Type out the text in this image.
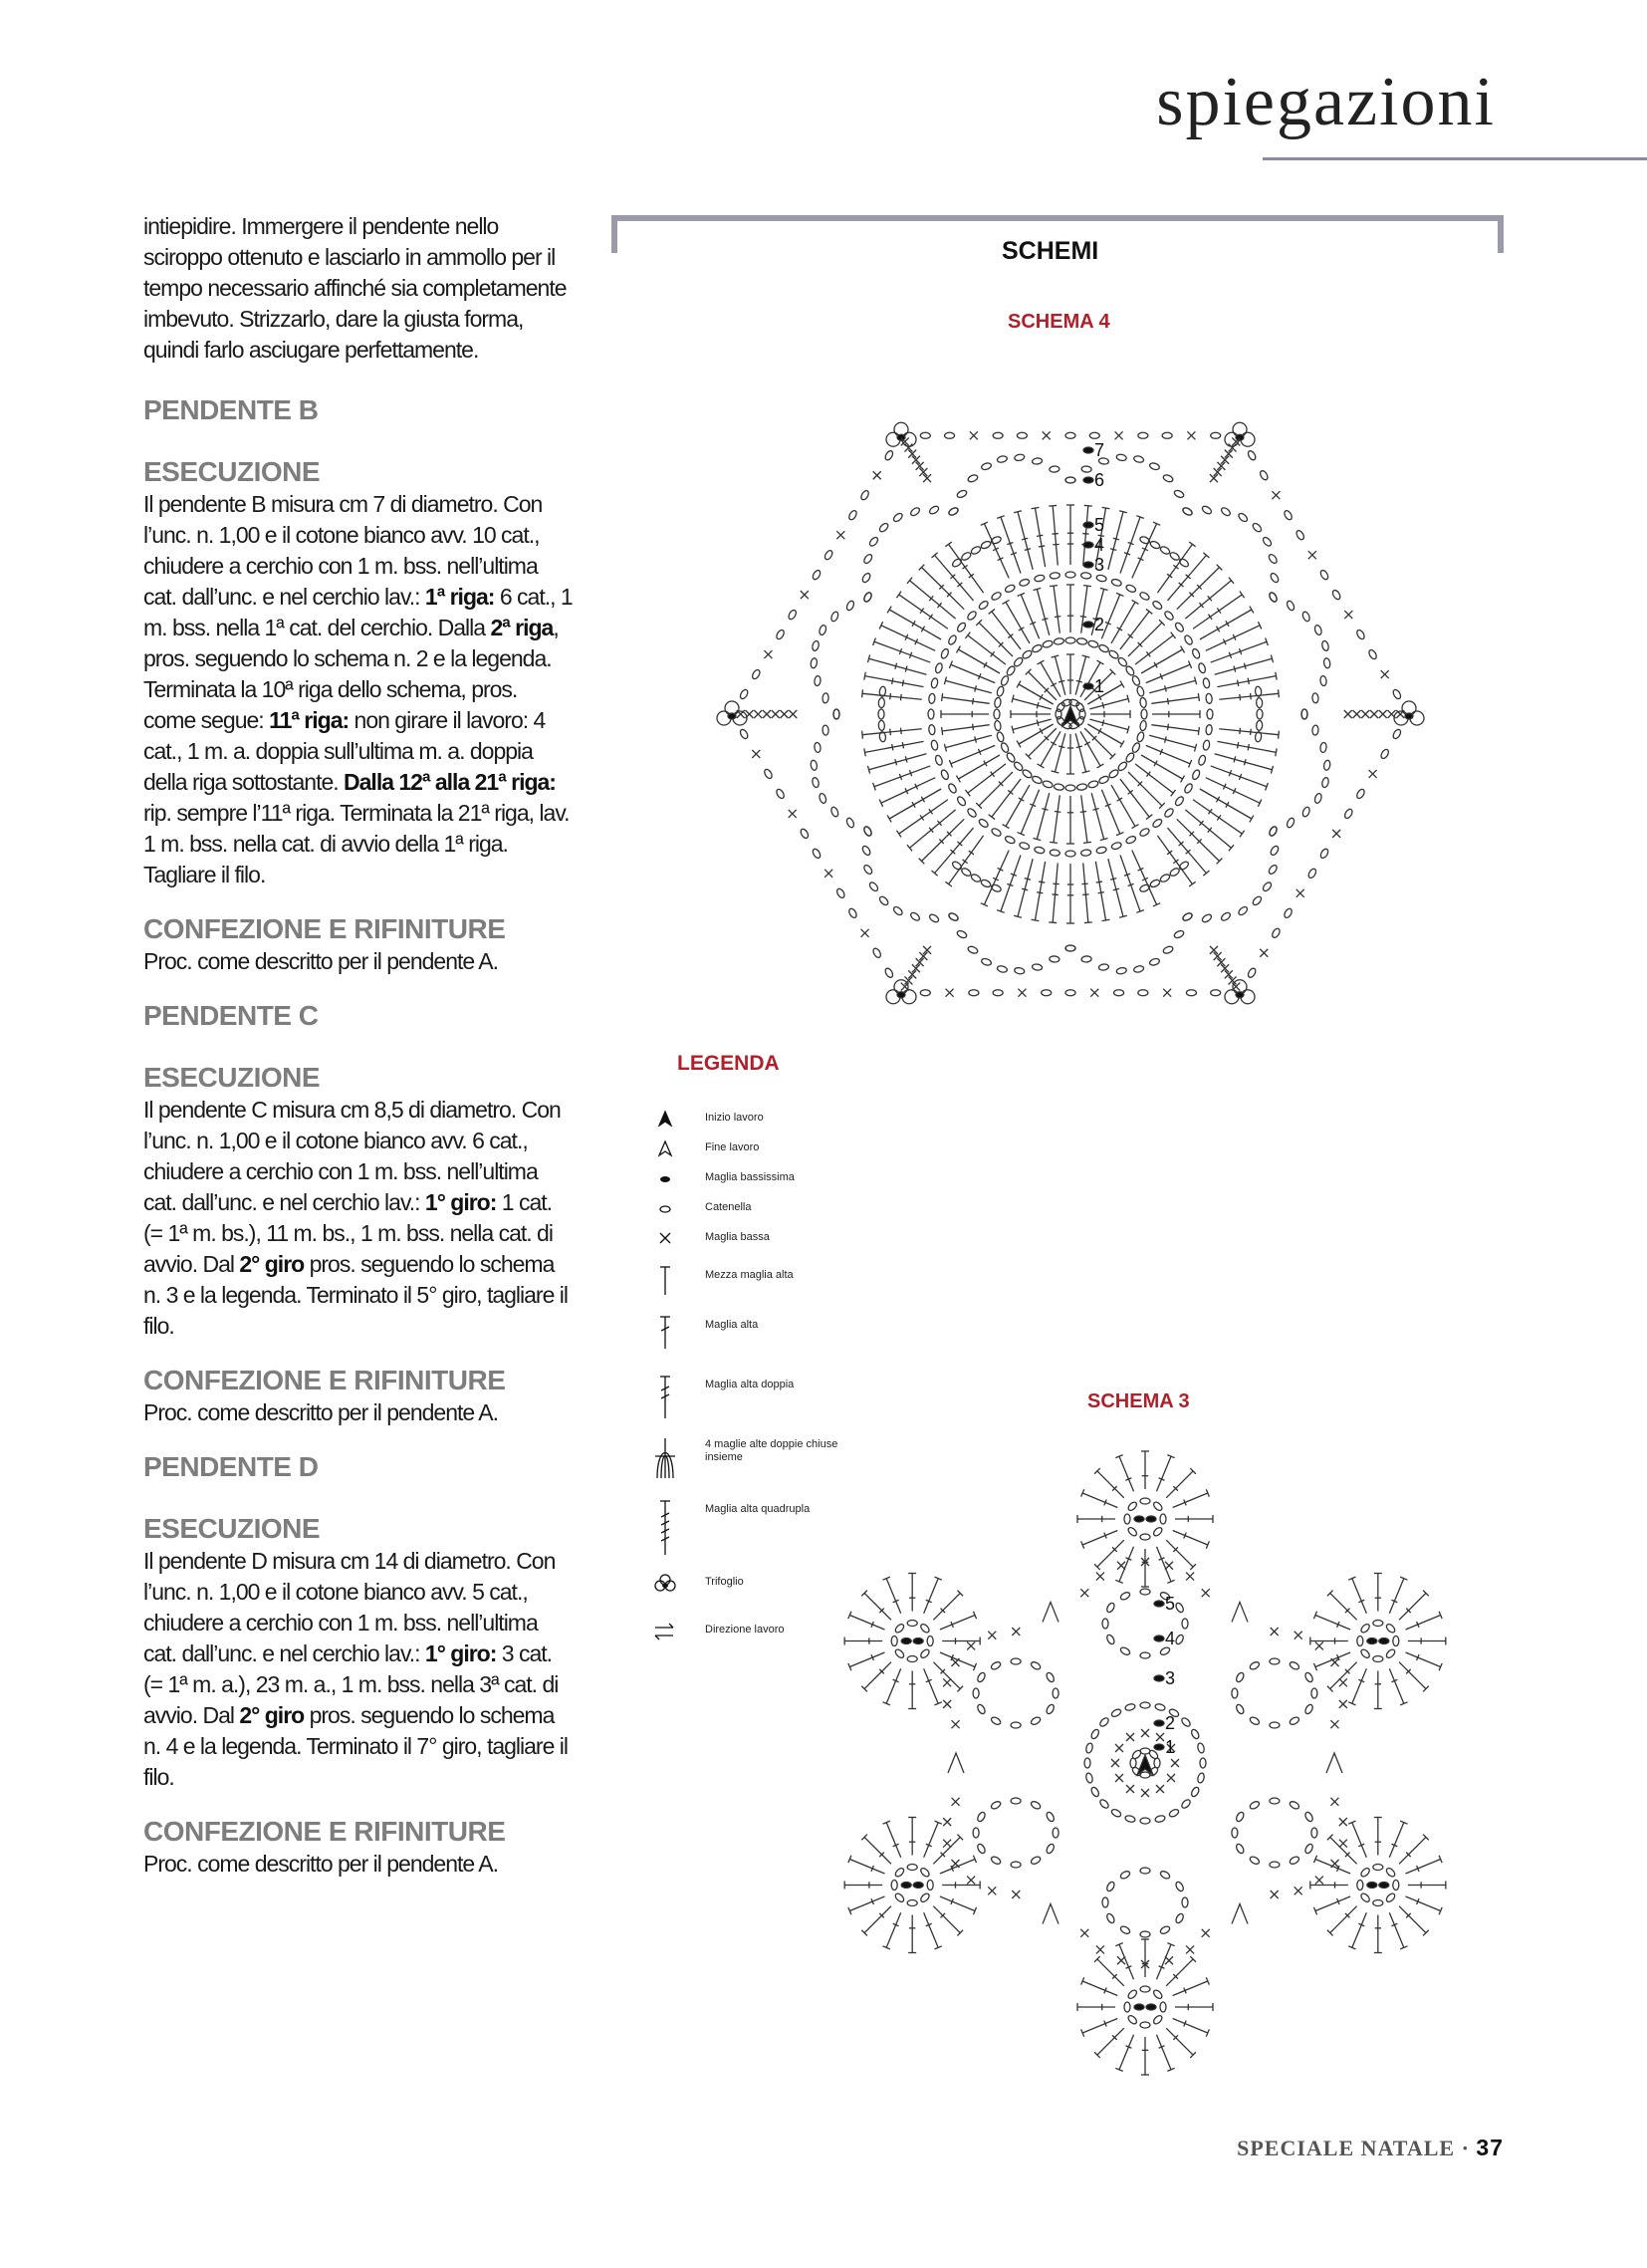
spiegazioni

intiepidire. Immergere il pendente nello sciroppo ottenuto e lasciarlo in ammollo per il tempo necessario affinché sia completamente imbevuto. Strizzarlo, dare la giusta forma, quindi farlo asciugare perfettamente.

PENDENTE B
ESECUZIONE

Il pendente B misura cm 7 di diametro. Con l’unc. n. 1,00 e il cotone bianco avv. 10 cat., chiudere a cerchio con 1 m. bss. nell’ultima cat. dall’unc. e nel cerchio lav.: 1ª riga: 6 cat., 1 m. bss. nella 1ª cat. del cerchio. Dalla 2ª riga, pros. seguendo lo schema n. 2 e la legenda. Terminata la 10ª riga dello schema, pros. come segue: 11ª riga: non girare il lavoro: 4 cat., 1 m. a. doppia sull’ultima m. a. doppia della riga sottostante. Dalla 12ª alla 21ª riga: rip. sempre l’11ª riga. Terminata la 21ª riga, lav. 1 m. bss. nella cat. di avvio della 1ª riga. Tagliare il filo.

CONFEZIONE E RIFINITURE

Proc. come descritto per il pendente A.

PENDENTE C
ESECUZIONE

Il pendente C misura cm 8,5 di diametro. Con l’unc. n. 1,00 e il cotone bianco avv. 6 cat., chiudere a cerchio con 1 m. bss. nell’ultima cat. dall’unc. e nel cerchio lav.: 1° giro: 1 cat. (= 1ª m. bs.), 11 m. bs., 1 m. bss. nella cat. di avvio. Dal 2° giro pros. seguendo lo schema n. 3 e la legenda. Terminato il 5° giro, tagliare il filo.

CONFEZIONE E RIFINITURE

Proc. come descritto per il pendente A.

PENDENTE D
ESECUZIONE

Il pendente D misura cm 14 di diametro. Con l’unc. n. 1,00 e il cotone bianco avv. 5 cat., chiudere a cerchio con 1 m. bss. nell’ultima cat. dall’unc. e nel cerchio lav.: 1° giro: 3 cat. (= 1ª m. a.), 23 m. a., 1 m. bss. nella 3ª cat. di avvio. Dal 2° giro pros. seguendo lo schema n. 4 e la legenda. Terminato il 7° giro, tagliare il filo.

CONFEZIONE E RIFINITURE

Proc. come descritto per il pendente A.

SCHEMI
SCHEMA 4
1
2
3
4
5
6
7
LEGENDA
Inizio lavoro
Fine lavoro
Maglia bassissima
Catenella
Maglia bassa
Mezza maglia alta
Maglia alta
Maglia alta doppia
4 maglie alte doppie chiuse insieme
Maglia alta quadrupla
Trifoglio
Direzione lavoro
SCHEMA 3
1
2
3
4
5
SPECIALE NATALE · 37
